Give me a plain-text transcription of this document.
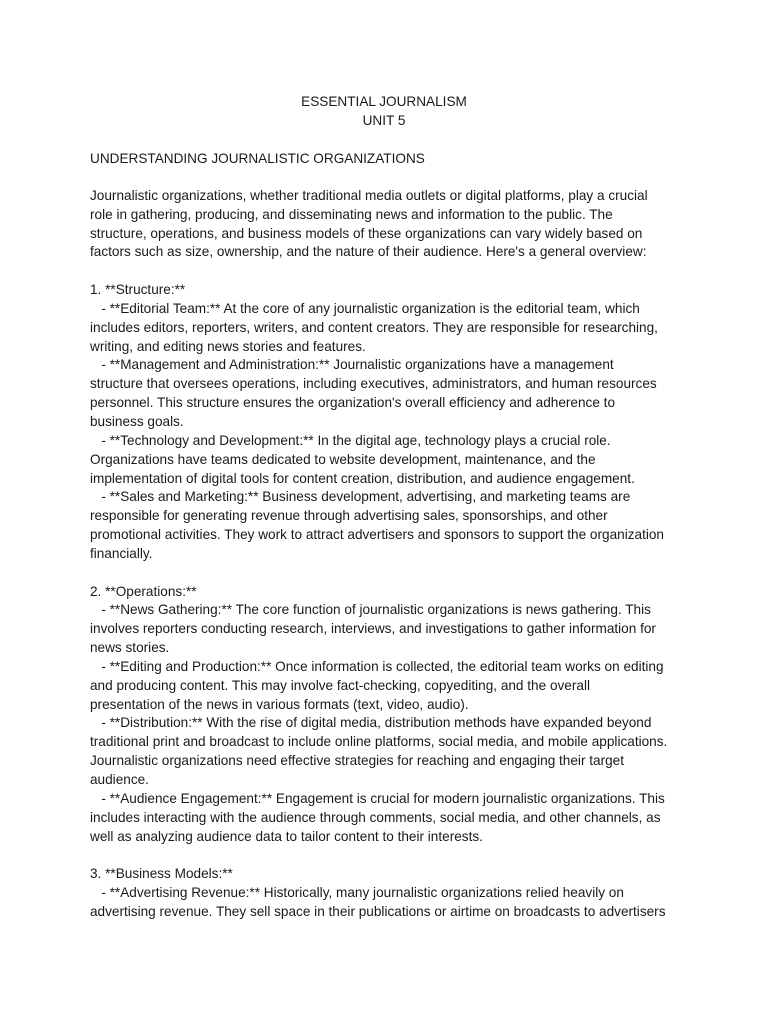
ESSENTIAL JOURNALISM
UNIT 5
UNDERSTANDING JOURNALISTIC ORGANIZATIONS
Journalistic organizations, whether traditional media outlets or digital platforms, play a crucial
role in gathering, producing, and disseminating news and information to the public. The
structure, operations, and business models of these organizations can vary widely based on
factors such as size, ownership, and the nature of their audience. Here's a general overview:
1. **Structure:**
- **Editorial Team:** At the core of any journalistic organization is the editorial team, which
includes editors, reporters, writers, and content creators. They are responsible for researching,
writing, and editing news stories and features.
- **Management and Administration:** Journalistic organizations have a management
structure that oversees operations, including executives, administrators, and human resources
personnel. This structure ensures the organization's overall efficiency and adherence to
business goals.
- **Technology and Development:** In the digital age, technology plays a crucial role.
Organizations have teams dedicated to website development, maintenance, and the
implementation of digital tools for content creation, distribution, and audience engagement.
- **Sales and Marketing:** Business development, advertising, and marketing teams are
responsible for generating revenue through advertising sales, sponsorships, and other
promotional activities. They work to attract advertisers and sponsors to support the organization
financially.
2. **Operations:**
- **News Gathering:** The core function of journalistic organizations is news gathering. This
involves reporters conducting research, interviews, and investigations to gather information for
news stories.
- **Editing and Production:** Once information is collected, the editorial team works on editing
and producing content. This may involve fact-checking, copyediting, and the overall
presentation of the news in various formats (text, video, audio).
- **Distribution:** With the rise of digital media, distribution methods have expanded beyond
traditional print and broadcast to include online platforms, social media, and mobile applications.
Journalistic organizations need effective strategies for reaching and engaging their target
audience.
- **Audience Engagement:** Engagement is crucial for modern journalistic organizations. This
includes interacting with the audience through comments, social media, and other channels, as
well as analyzing audience data to tailor content to their interests.
3. **Business Models:**
- **Advertising Revenue:** Historically, many journalistic organizations relied heavily on
advertising revenue. They sell space in their publications or airtime on broadcasts to advertisers
